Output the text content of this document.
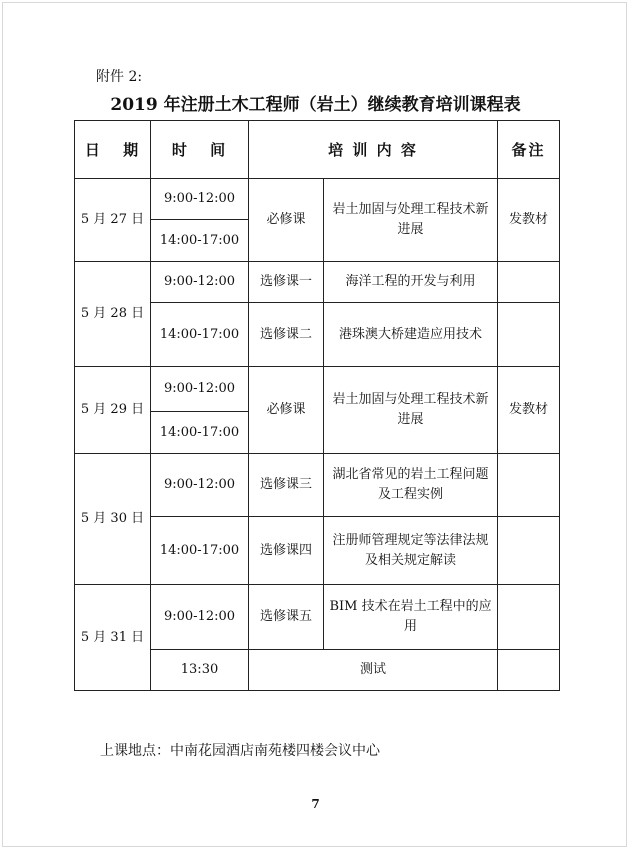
附件 2:
2019 年注册土木工程师（岩土）继续教育培训课程表
日 期	时 间	培 训 内 容		备注
5 月 27 日	9:00-12:00	必修课	岩土加固与处理工程技术新进展	发教材
	14:00-17:00			
5 月 28 日	9:00-12:00	选修课一	海洋工程的开发与利用	
	14:00-17:00	选修课二	港珠澳大桥建造应用技术	
5 月 29 日	9:00-12:00	必修课	岩土加固与处理工程技术新进展	发教材
	14:00-17:00			
5 月 30 日	9:00-12:00	选修课三	湖北省常见的岩土工程问题及工程实例	
	14:00-17:00	选修课四	注册师管理规定等法律法规及相关规定解读	
5 月 31 日	9:00-12:00	选修课五	BIM 技术在岩土工程中的应用	
	13:30	测试		
上课地点：中南花园酒店南苑楼四楼会议中心
7
